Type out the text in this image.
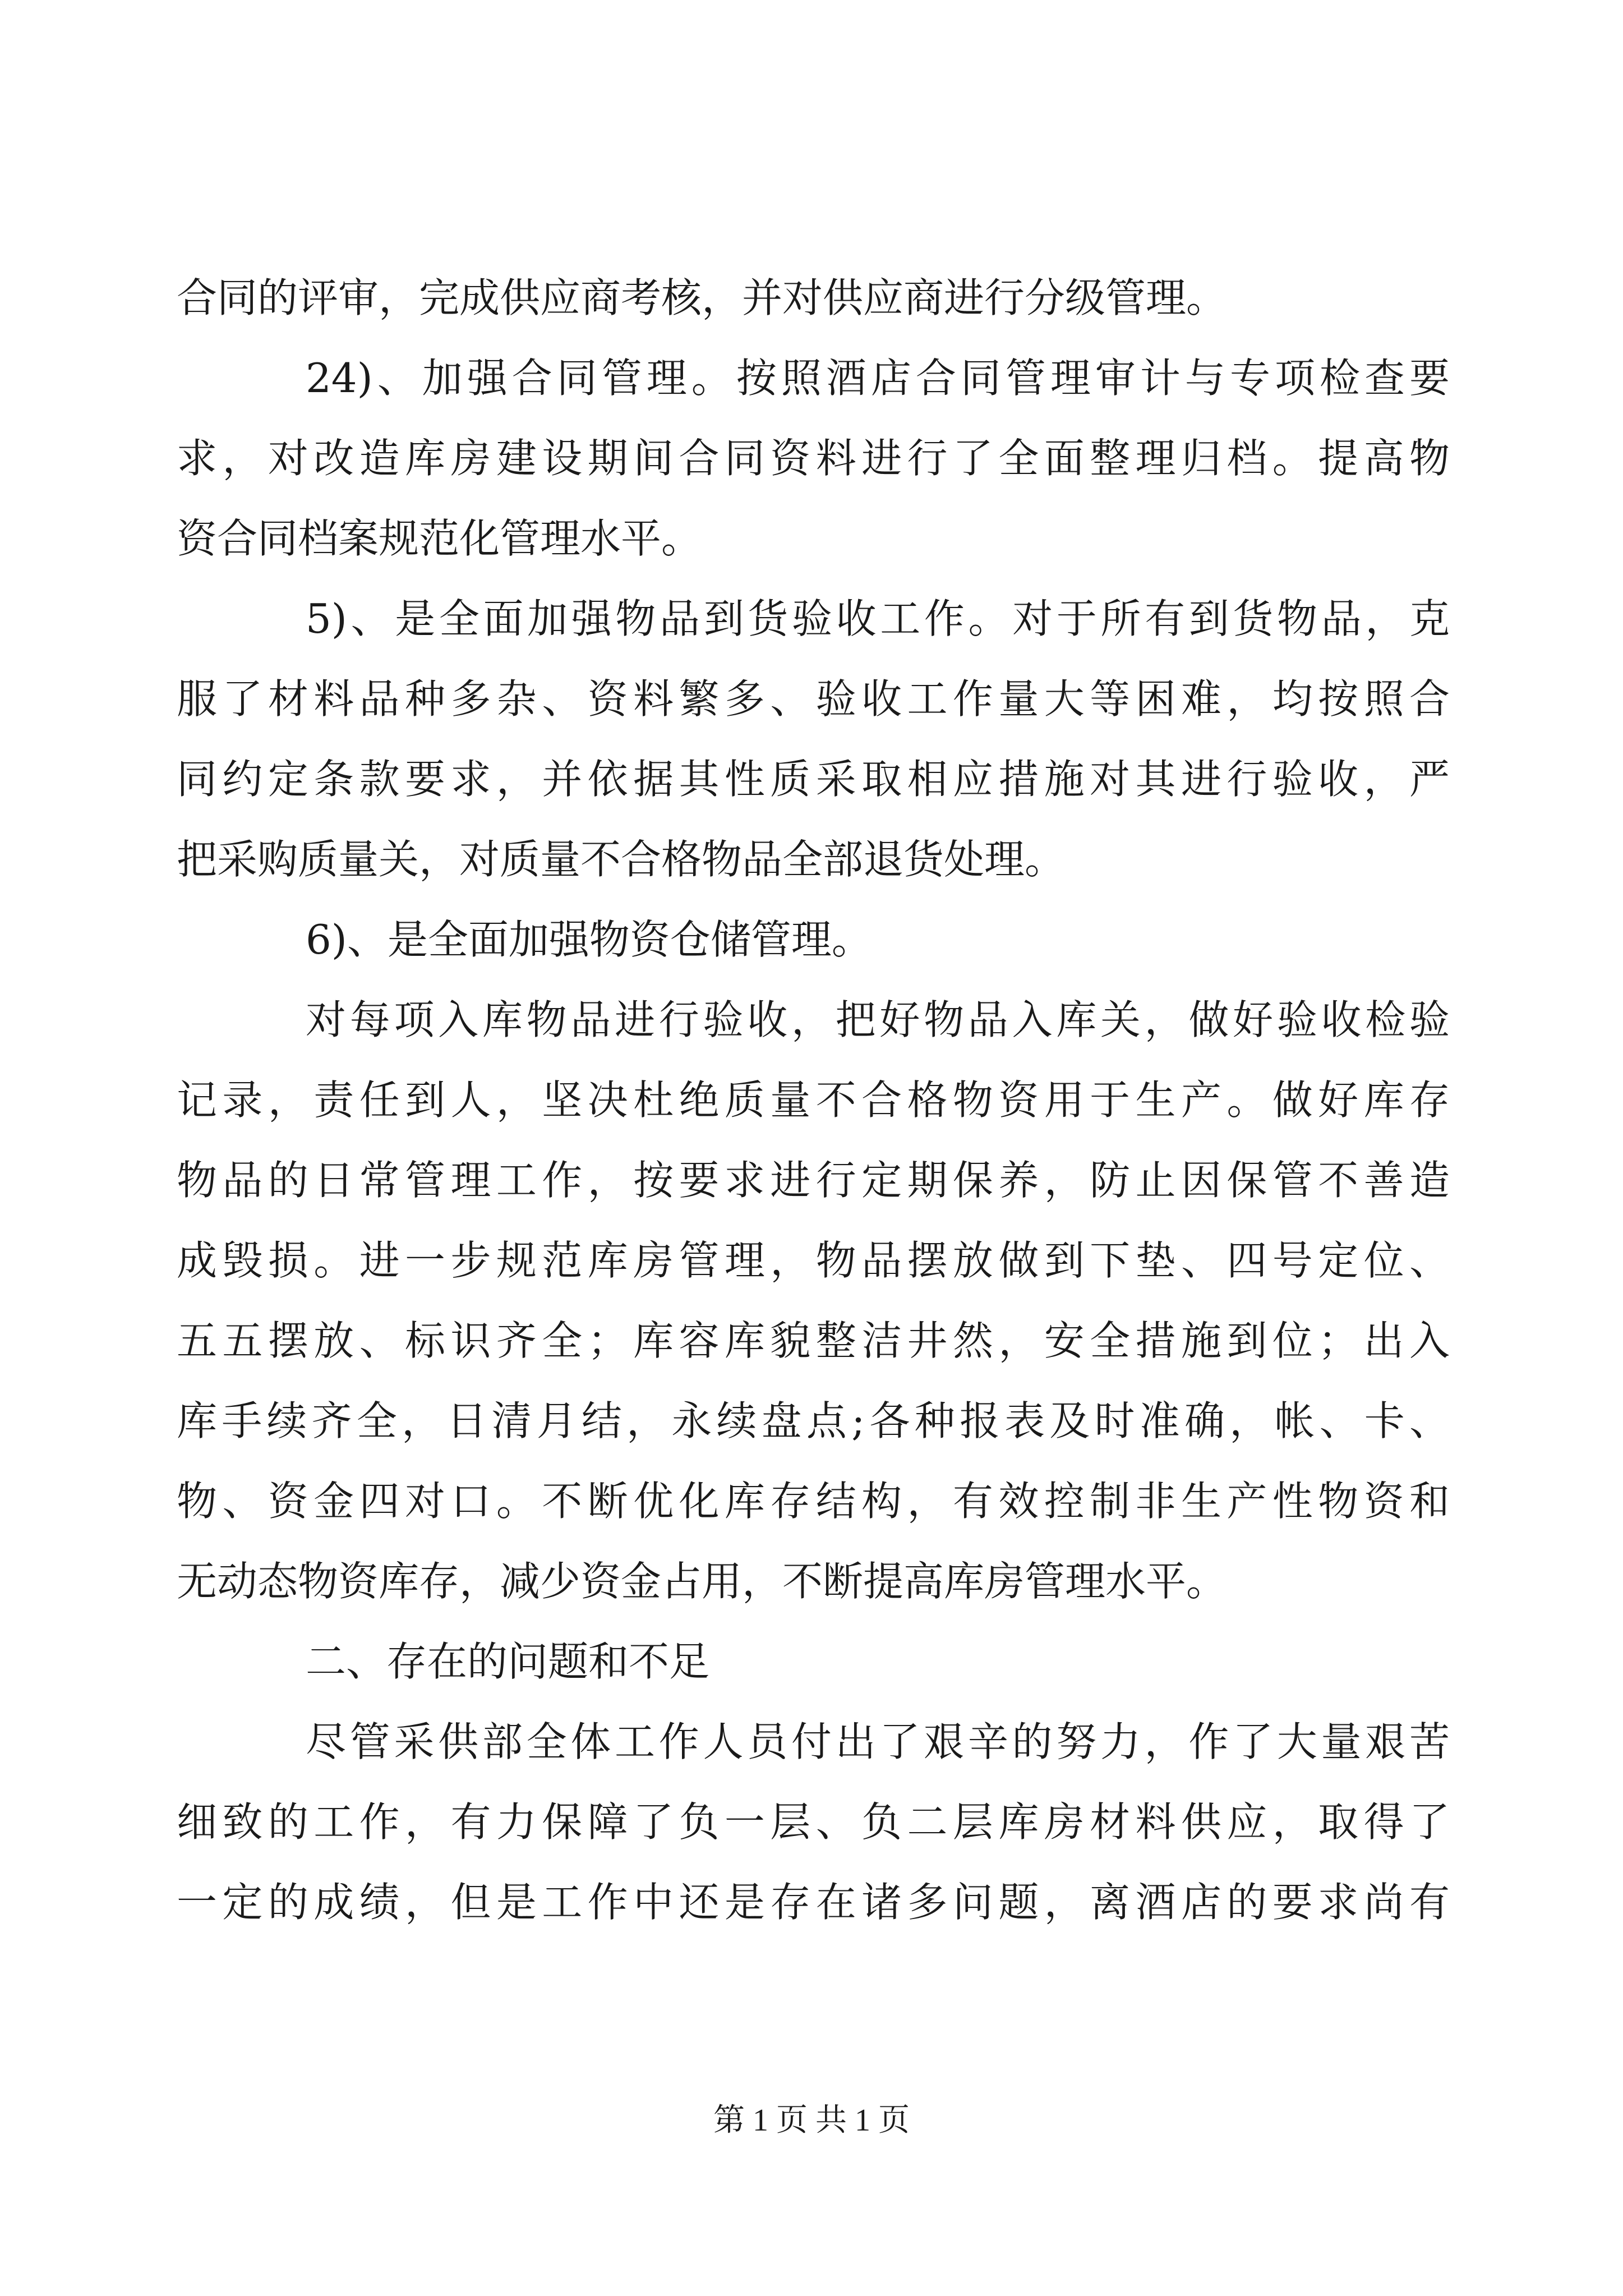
合同的评审，完成供应商考核，并对供应商进行分级管理。
24)、加强合同管理。按照酒店合同管理审计与专项检查要
求，对改造库房建设期间合同资料进行了全面整理归档。提高物
资合同档案规范化管理水平。
5)、是全面加强物品到货验收工作。对于所有到货物品，克
服了材料品种多杂、资料繁多、验收工作量大等困难，均按照合
同约定条款要求，并依据其性质采取相应措施对其进行验收，严
把采购质量关，对质量不合格物品全部退货处理。
6)、是全面加强物资仓储管理。
对每项入库物品进行验收，把好物品入库关，做好验收检验
记录，责任到人，坚决杜绝质量不合格物资用于生产。做好库存
物品的日常管理工作，按要求进行定期保养，防止因保管不善造
成毁损。进一步规范库房管理，物品摆放做到下垫、四号定位、
五五摆放、标识齐全；库容库貌整洁井然，安全措施到位；出入
库手续齐全，日清月结，永续盘点;各种报表及时准确，帐、卡、
物、资金四对口。不断优化库存结构，有效控制非生产性物资和
无动态物资库存，减少资金占用，不断提高库房管理水平。
二、存在的问题和不足
尽管采供部全体工作人员付出了艰辛的努力，作了大量艰苦
细致的工作，有力保障了负一层、负二层库房材料供应，取得了
一定的成绩，但是工作中还是存在诸多问题，离酒店的要求尚有
第 1 页 共 1 页
